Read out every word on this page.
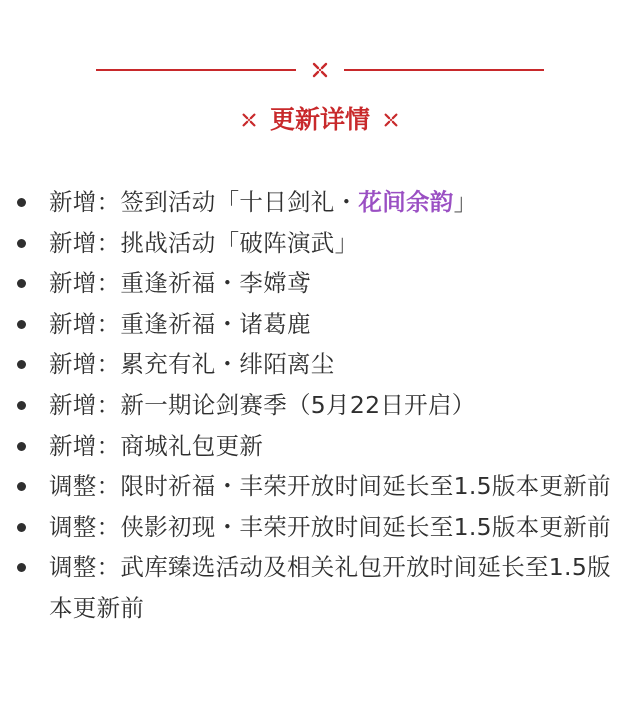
更新详情
新增：签到活动「十日剑礼・花间余韵」
新增：挑战活动「破阵演武」
新增：重逢祈福・李嫦鸢
新增：重逢祈福・诸葛鹿
新增：累充有礼・绯陌离尘
新增：新一期论剑赛季（5月22日开启）
新增：商城礼包更新
调整：限时祈福・丰荣开放时间延长至1.5版本更新前
调整：侠影初现・丰荣开放时间延长至1.5版本更新前
调整：武库臻选活动及相关礼包开放时间延长至1.5版本更新前
